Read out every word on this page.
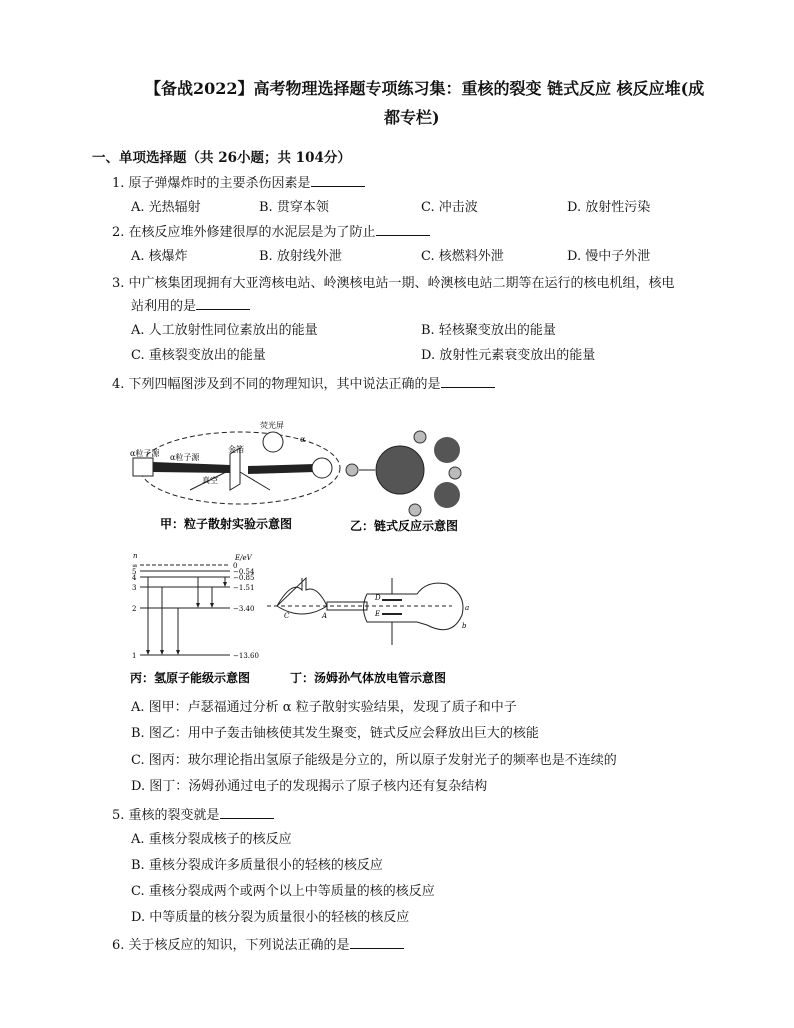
【备战2022】高考物理选择题专项练习集：重核的裂变 链式反应 核反应堆(成
都专栏)
一、单项选择题（共 26小题；共 104分）
1. 原子弹爆炸时的主要杀伤因素是
A. 光热辐射	B. 贯穿本领	C. 冲击波	D. 放射性污染
2. 在核反应堆外修建很厚的水泥层是为了防止
A. 核爆炸	B. 放射线外泄	C. 核燃料外泄	D. 慢中子外泄
3. 中广核集团现拥有大亚湾核电站、岭澳核电站一期、岭澳核电站二期等在运行的核电机组，核电
站利用的是
A. 人工放射性同位素放出的能量	B. 轻核聚变放出的能量
C. 重核裂变放出的能量	D. 放射性元素衰变放出的能量
4. 下列四幅图涉及到不同的物理知识，其中说法正确的是
α粒子源 α粒子源
荧光屏
金箔
真空
α
甲：粒子散射实验示意图	乙：链式反应示意图
n	E/eV
∞	0
5	−0.54
4	−0.85
3	−1.51
2	−3.40
1	−13.60
丙：氢原子能级示意图
C	A
D
E
a
b
丁：汤姆孙气体放电管示意图
A. 图甲：卢瑟福通过分析 α 粒子散射实验结果，发现了质子和中子
B. 图乙：用中子轰击铀核使其发生聚变，链式反应会释放出巨大的核能
C. 图丙：玻尔理论指出氢原子能级是分立的，所以原子发射光子的频率也是不连续的
D. 图丁：汤姆孙通过电子的发现揭示了原子核内还有复杂结构
5. 重核的裂变就是
A. 重核分裂成核子的核反应
B. 重核分裂成许多质量很小的轻核的核反应
C. 重核分裂成两个或两个以上中等质量的核的核反应
D. 中等质量的核分裂为质量很小的轻核的核反应
6. 关于核反应的知识，下列说法正确的是
